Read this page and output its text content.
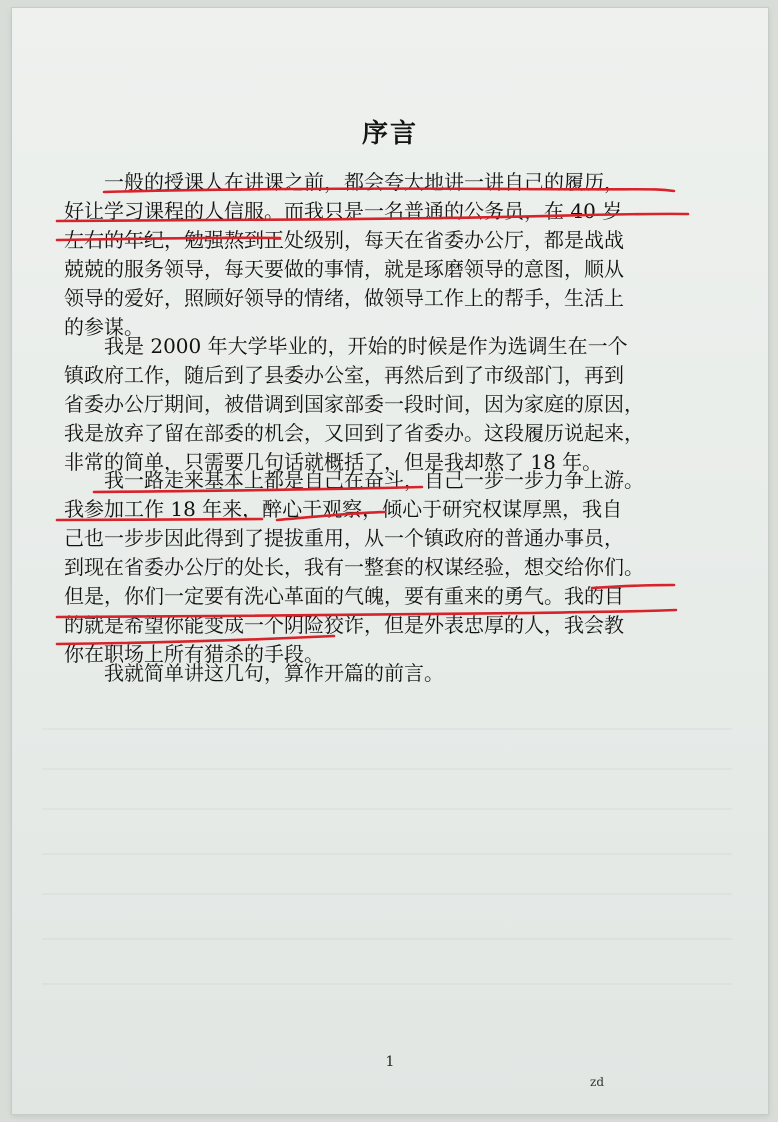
序言

一般的授课人在讲课之前，都会夸大地讲一讲自己的履历，
好让学习课程的人信服。而我只是一名普通的公务员，在 40 岁
左右的年纪，勉强熬到正处级别，每天在省委办公厅，都是战战
兢兢的服务领导，每天要做的事情，就是琢磨领导的意图，顺从
领导的爱好，照顾好领导的情绪，做领导工作上的帮手，生活上
的参谋。

我是 2000 年大学毕业的，开始的时候是作为选调生在一个
镇政府工作，随后到了县委办公室，再然后到了市级部门，再到
省委办公厅期间，被借调到国家部委一段时间，因为家庭的原因，
我是放弃了留在部委的机会，又回到了省委办。这段履历说起来，
非常的简单，只需要几句话就概括了，但是我却熬了 18 年。

我一路走来基本上都是自己在奋斗，自己一步一步力争上游。
我参加工作 18 年来，醉心于观察，倾心于研究权谋厚黑，我自
己也一步步因此得到了提拔重用，从一个镇政府的普通办事员，
到现在省委办公厅的处长，我有一整套的权谋经验，想交给你们。
但是，你们一定要有洗心革面的气魄，要有重来的勇气。我的目
的就是希望你能变成一个阴险狡诈，但是外表忠厚的人，我会教
你在职场上所有猎杀的手段。

我就简单讲这几句，算作开篇的前言。

1
zd
